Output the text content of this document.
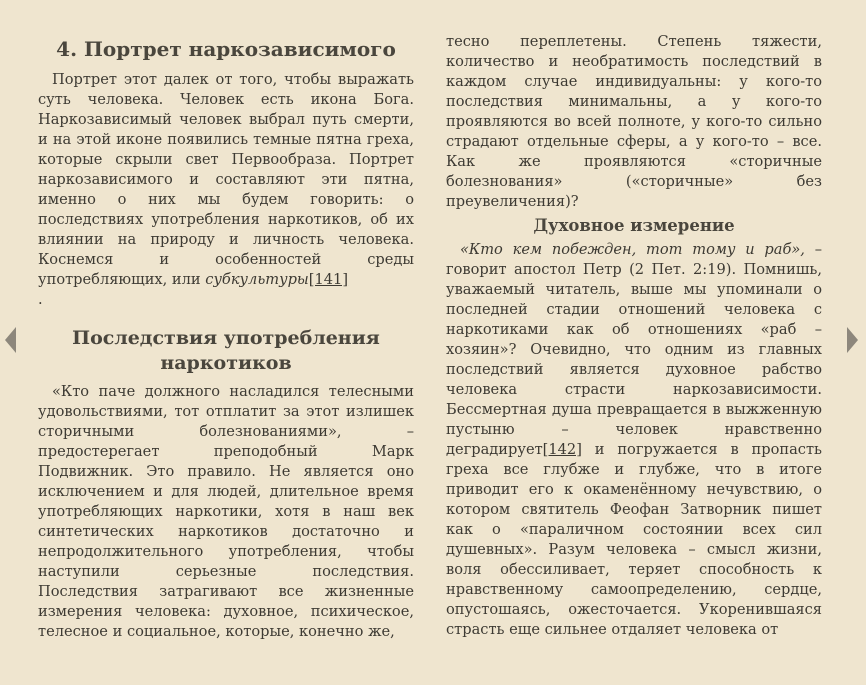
4. Портрет наркозависимого

Портрет этот далек от того, чтобы выражать суть человека. Человек есть икона Бога. Наркозависимый человек выбрал путь смерти, и на этой иконе появились темные пятна греха, которые скрыли свет Первообраза. Портрет наркозависимого и составляют эти пятна, именно о них мы будем говорить: о последствиях употребления наркотиков, об их влиянии на природу и личность человека. Коснемся и особенностей среды употребляющих, или субкультуры[141]
.

Последствия употребления наркотиков

«Кто паче должного насладился телесными удовольствиями, тот отплатит за этот излишек сторичными болезнованиями», – предостерегает преподобный Марк Подвижник. Это правило. Не является оно исключением и для людей, длительное время употребляющих наркотики, хотя в наш век синтетических наркотиков достаточно и непродолжительного употребления, чтобы наступили серьезные последствия. Последствия затрагивают все жизненные измерения человека: духовное, психическое, телесное и социальное, которые, конечно же,

тесно переплетены. Степень тяжести, количество и необратимость последствий в каждом случае индивидуальны: у кого-то последствия минимальны, а у кого-то проявляются во всей полноте, у кого-то сильно страдают отдельные сферы, а у кого-то – все. Как же проявляются «сторичные болезнования» («сторичные» без преувеличения)?

Духовное измерение

«Кто кем побежден, тот тому и раб», – говорит апостол Петр (2 Пет. 2:19). Помнишь, уважаемый читатель, выше мы упоминали о последней стадии отношений человека с наркотиками как об отношениях «раб – хозяин»? Очевидно, что одним из главных последствий является духовное рабство человека страсти наркозависимости. Бессмертная душа превращается в выжженную пустыню – человек нравственно деградирует[142] и погружается в пропасть греха все глубже и глубже, что в итоге приводит его к окаменённому нечувствию, о котором святитель Феофан Затворник пишет как о «параличном состоянии всех сил душевных». Разум человека – смысл жизни, воля обессиливает, теряет способность к нравственному самоопределению, сердце, опустошаясь, ожесточается. Укоренившаяся страсть еще сильнее отдаляет человека от
